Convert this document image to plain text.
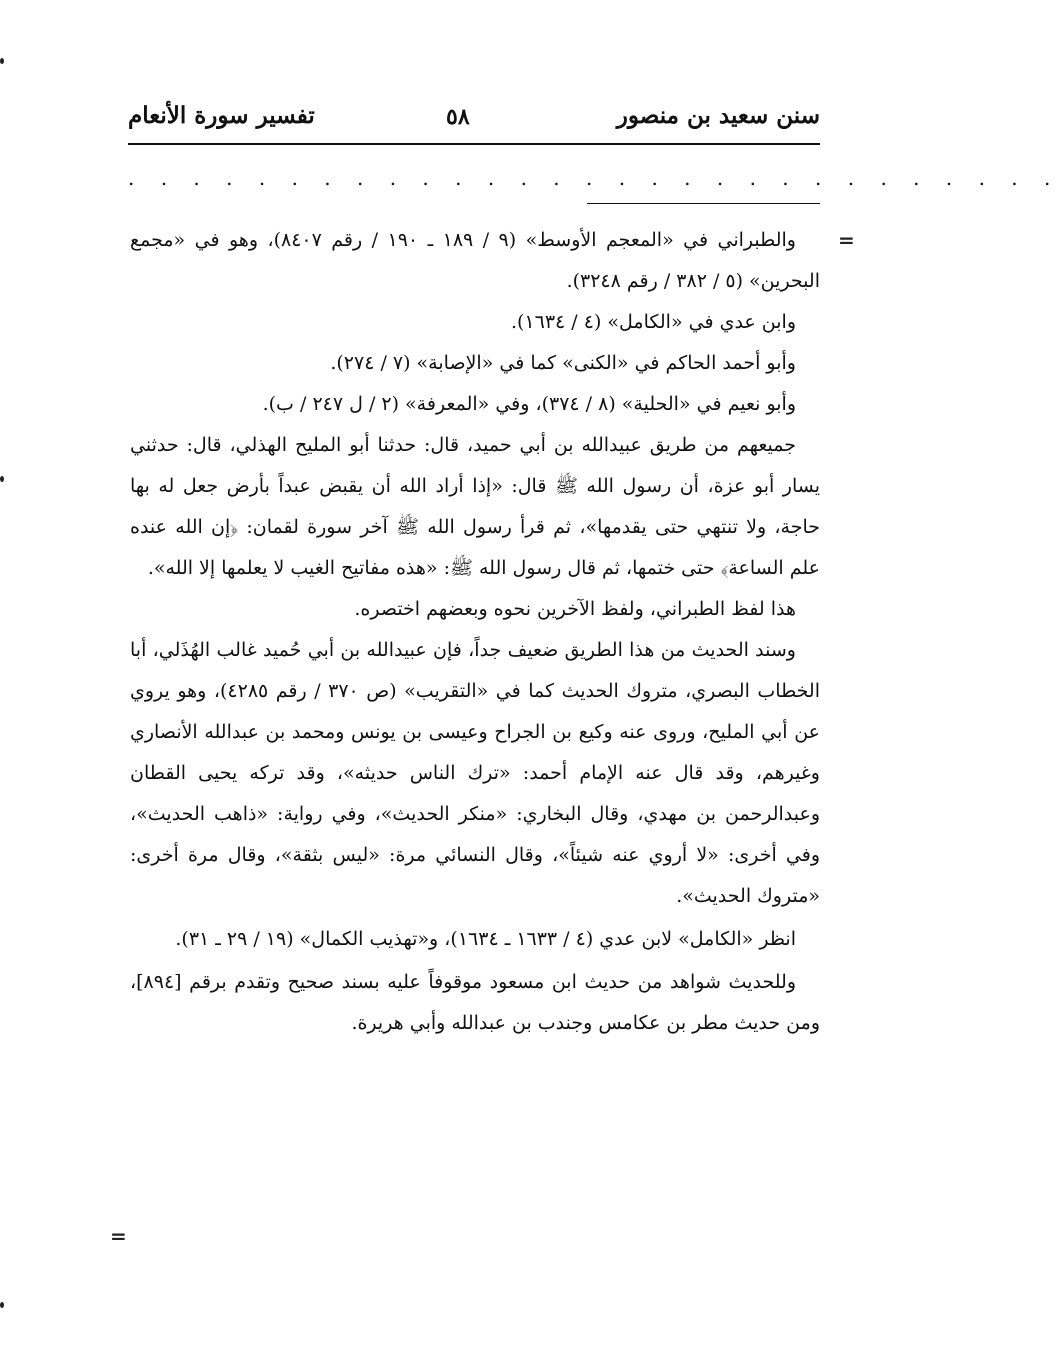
سنن سعيد بن منصور
٥٨
تفسير سورة الأنعام
. . . . . . . . . . . . . . . . . . . . . . . . . . . . .
=

والطبراني في «المعجم الأوسط» (٩ / ١٨٩ ـ ١٩٠ / رقم ٨٤٠٧)، وهو في «مجمع البحرين» (٥ / ٣٨٢ / رقم ٣٢٤٨).

وابن عدي في «الكامل» (٤ / ١٦٣٤).

وأبو أحمد الحاكم في «الكنى» كما في «الإصابة» (٧ / ٢٧٤).

وأبو نعيم في «الحلية» (٨ / ٣٧٤)، وفي «المعرفة» (٢ / ل ٢٤٧ / ب).

جميعهم من طريق عبيدالله بن أبي حميد، قال: حدثنا أبو المليح الهذلي، قال: حدثني يسار أبو عزة، أن رسول الله ﷺ قال: «إذا أراد الله أن يقبض عبداً بأرض جعل له بها حاجة، ولا تنتهي حتى يقدمها»، ثم قرأ رسول الله ﷺ آخر سورة لقمان: ﴿إن الله عنده علم الساعة﴾ حتى ختمها، ثم قال رسول الله ﷺ: «هذه مفاتيح الغيب لا يعلمها إلا الله».

هذا لفظ الطبراني، ولفظ الآخرين نحوه وبعضهم اختصره.

وسند الحديث من هذا الطريق ضعيف جداً، فإن عبيدالله بن أبي حُميد غالب الهُذَلي، أبا الخطاب البصري، متروك الحديث كما في «التقريب» (ص ٣٧٠ / رقم ٤٢٨٥)، وهو يروي عن أبي المليح، وروى عنه وكيع بن الجراح وعيسى بن يونس ومحمد بن عبدالله الأنصاري وغيرهم، وقد قال عنه الإمام أحمد: «ترك الناس حديثه»، وقد تركه يحيى القطان وعبدالرحمن بن مهدي، وقال البخاري: «منكر الحديث»، وفي رواية: «ذاهب الحديث»، وفي أخرى: «لا أروي عنه شيئاً»، وقال النسائي مرة: «ليس بثقة»، وقال مرة أخرى: «متروك الحديث».

انظر «الكامل» لابن عدي (٤ / ١٦٣٣ ـ ١٦٣٤)، و«تهذيب الكمال» (١٩ / ٢٩ ـ ٣١).

وللحديث شواهد من حديث ابن مسعود موقوفاً عليه بسند صحيح وتقدم برقم [٨٩٤]، ومن حديث مطر بن عكامس وجندب بن عبدالله وأبي هريرة.

=
